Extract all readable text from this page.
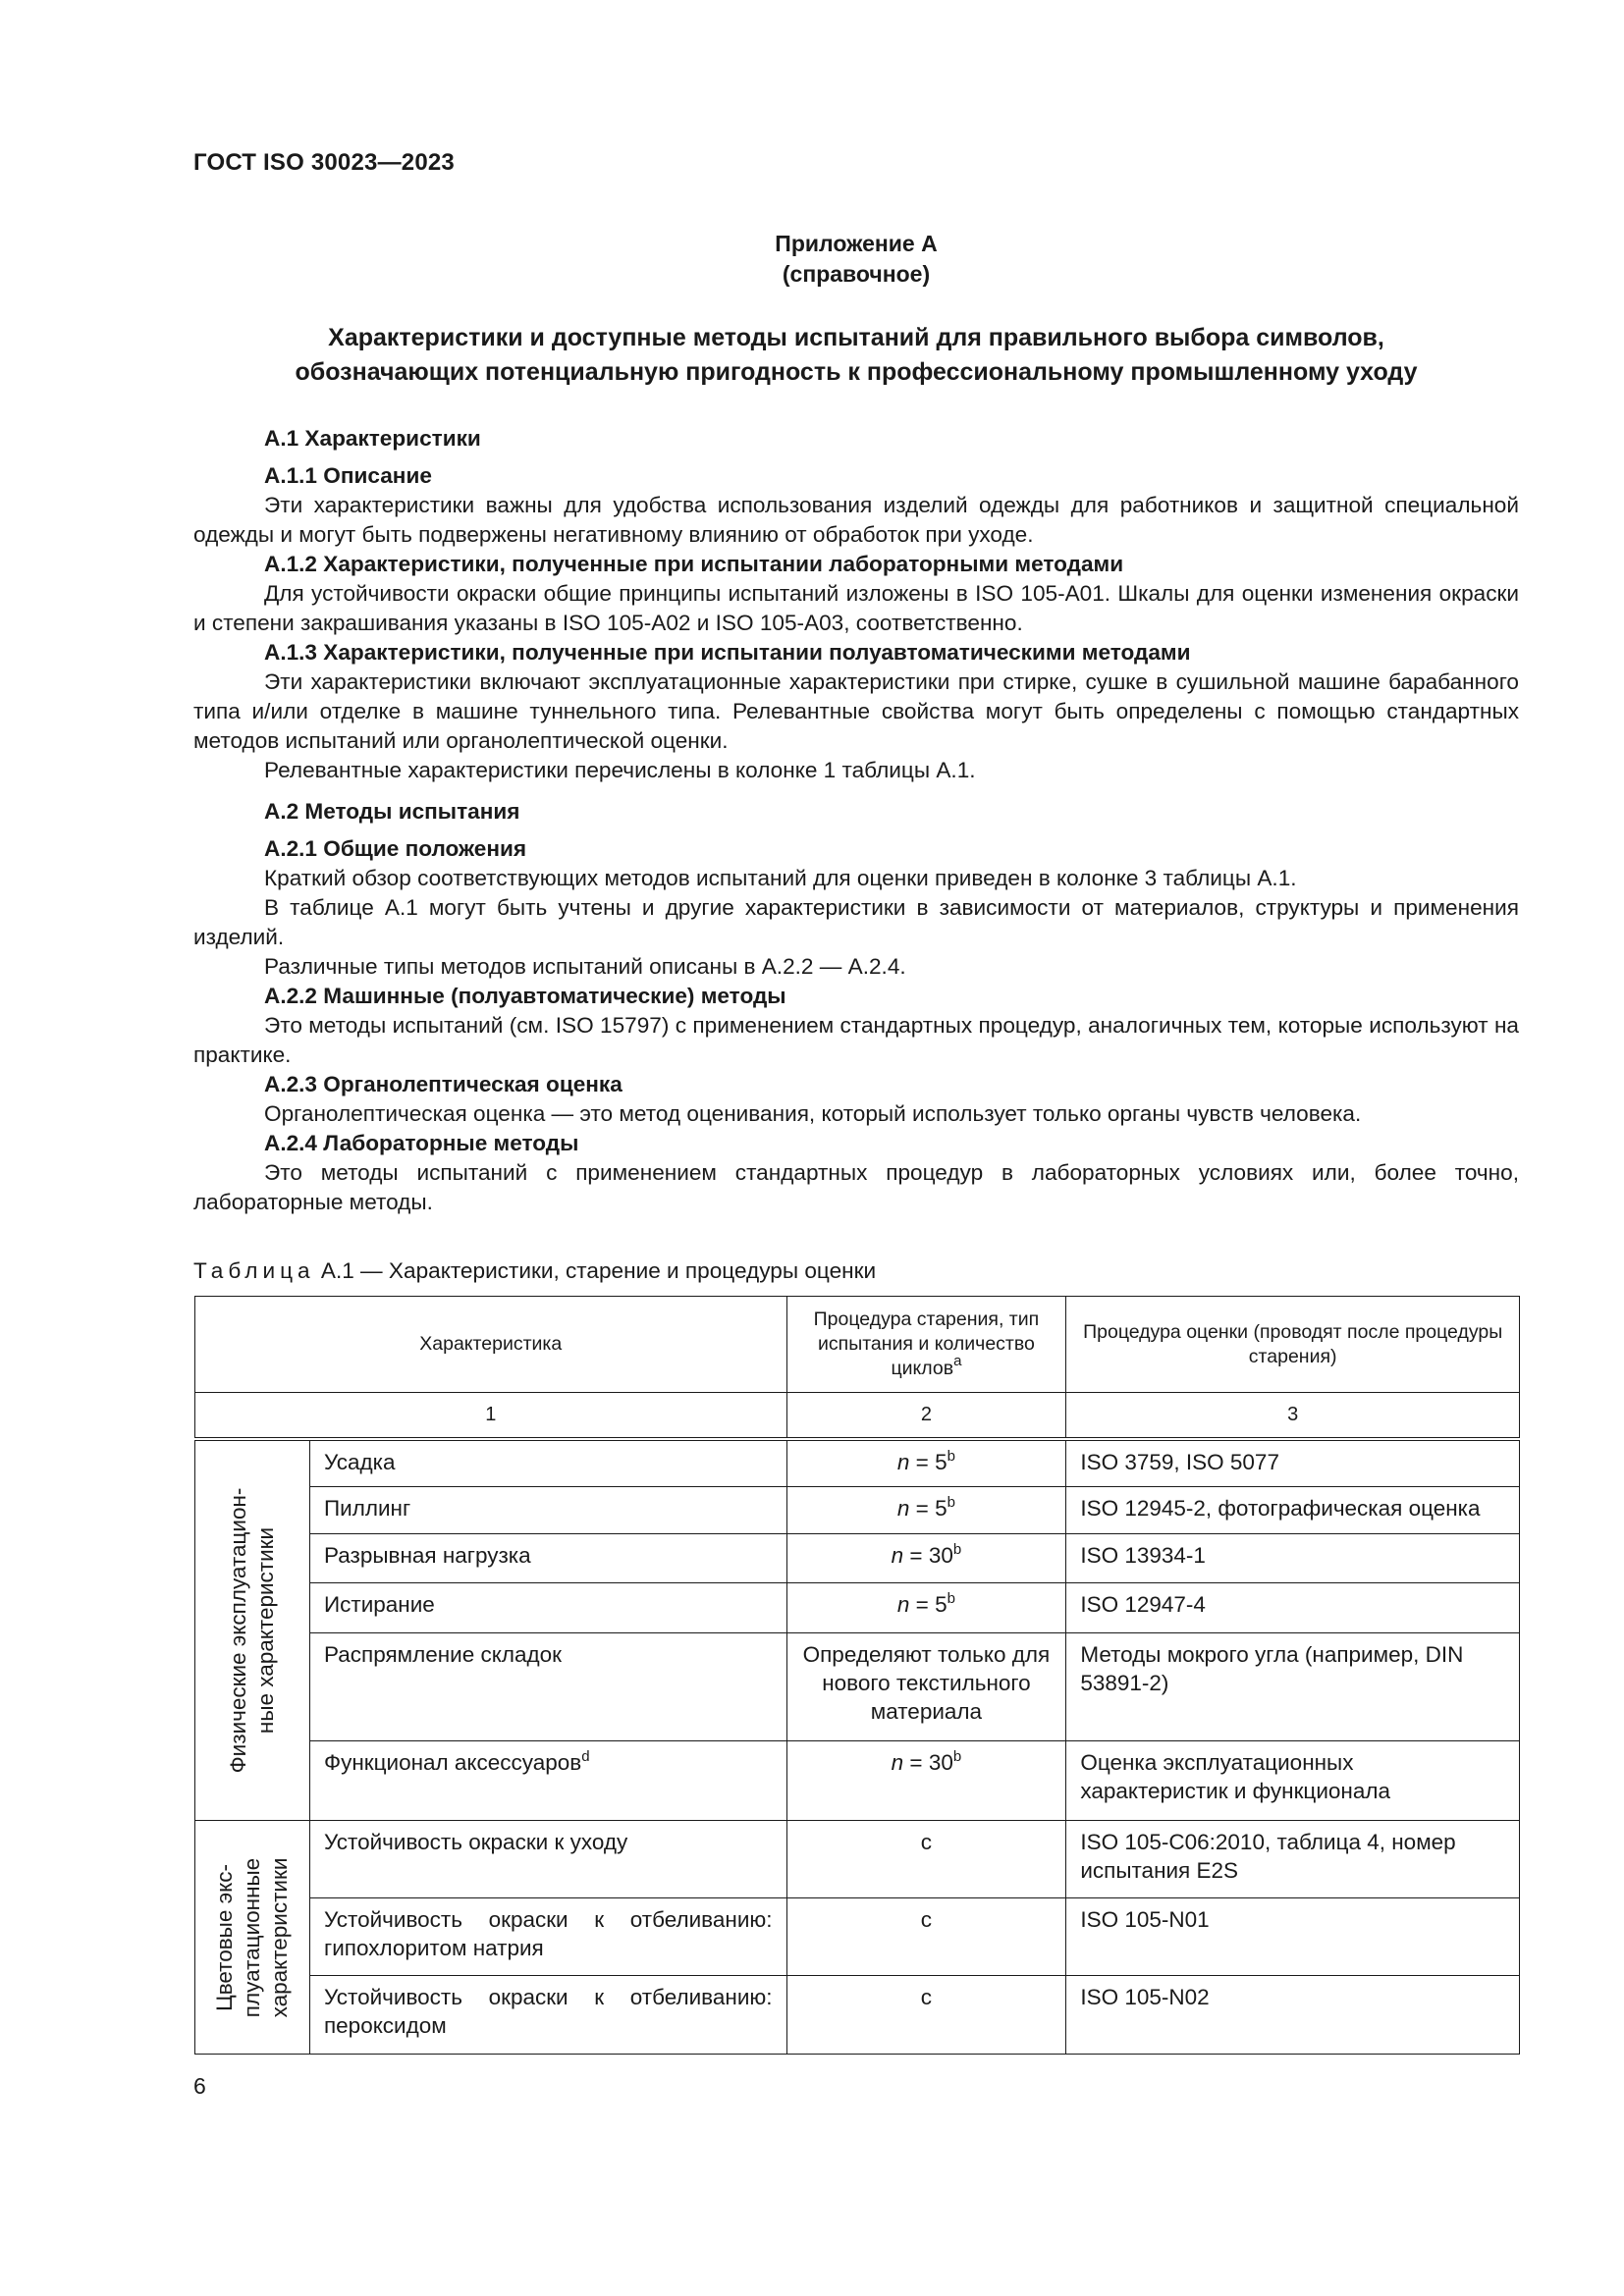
ГОСТ ISO 30023—2023
Приложение А
(справочное)
Характеристики и доступные методы испытаний для правильного выбора символов,
обозначающих потенциальную пригодность к профессиональному промышленному уходу

А.1 Характеристики

А.1.1 Описание

Эти характеристики важны для удобства использования изделий одежды для работников и защитной специальной одежды и могут быть подвержены негативному влиянию от обработок при уходе.

А.1.2 Характеристики, полученные при испытании лабораторными методами

Для устойчивости окраски общие принципы испытаний изложены в ISO 105-A01. Шкалы для оценки изменения окраски и степени закрашивания указаны в ISO 105-A02 и ISO 105-A03, соответственно.

А.1.3 Характеристики, полученные при испытании полуавтоматическими методами

Эти характеристики включают эксплуатационные характеристики при стирке, сушке в сушильной машине барабанного типа и/или отделке в машине туннельного типа. Релевантные свойства могут быть определены с помощью стандартных методов испытаний или органолептической оценки.

Релевантные характеристики перечислены в колонке 1 таблицы А.1.

А.2 Методы испытания

А.2.1 Общие положения

Краткий обзор соответствующих методов испытаний для оценки приведен в колонке 3 таблицы А.1.

В таблице А.1 могут быть учтены и другие характеристики в зависимости от материалов, структуры и применения изделий.

Различные типы методов испытаний описаны в А.2.2 — А.2.4.

А.2.2 Машинные (полуавтоматические) методы

Это методы испытаний (см. ISO 15797) с применением стандартных процедур, аналогичных тем, которые используют на практике.

А.2.3 Органолептическая оценка

Органолептическая оценка — это метод оценивания, который использует только органы чувств человека.

А.2.4 Лабораторные методы

Это методы испытаний с применением стандартных процедур в лабораторных условиях или, более точно, лабораторные методы.

Таблица А.1 — Характеристики, старение и процедуры оценки
Характеристика		Процедура старения, тип испытания и количество циклов$^a$	Процедура оценки (проводят после процедуры старения)
1		2	3

Физические эксплуатацион- ные характеристики	Усадка	$n = 5^b$	ISO 3759, ISO 5077
	Пиллинг	$n = 5^b$	ISO 12945-2, фотографическая оценка
	Разрывная нагрузка	$n = 30^b$	ISO 13934-1
	Истирание	$n = 5^b$	ISO 12947-4
	Распрямление складок	Определяют только для нового текстильного материала	Методы мокрого угла (например, DIN 53891-2)
	Функционал аксессуаров$^d$	$n = 30^b$	Оценка эксплуатационных характеристик и функционала

Цветовые экс- плуатационные характеристики	Устойчивость окраски к уходу	c	ISO 105-C06:2010, таблица 4, номер испытания E2S
	Устойчивость окраски к отбеливанию: гипохлоритом натрия	c	ISO 105-N01
	Устойчивость окраски к отбеливанию: пероксидом	c	ISO 105-N02
6
